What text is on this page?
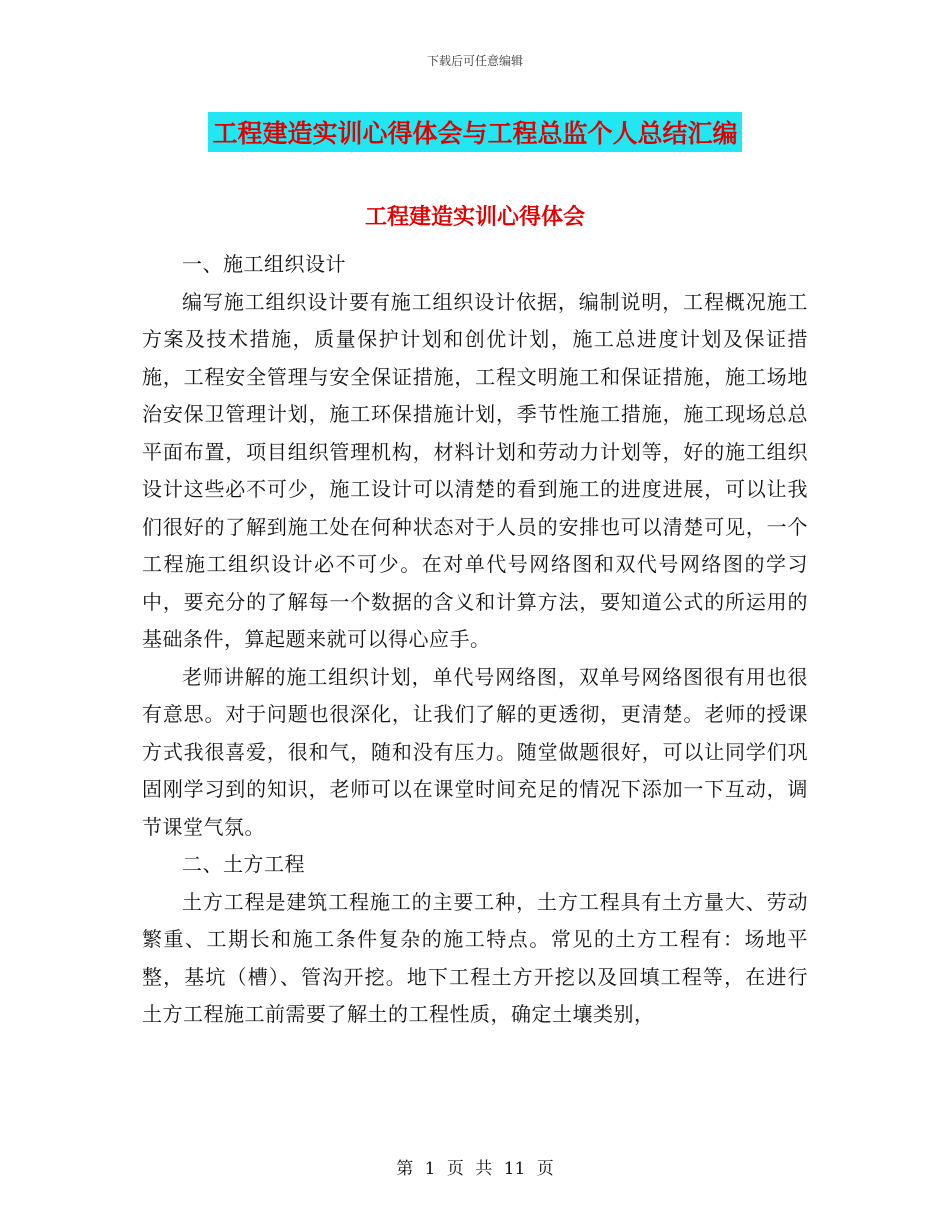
下载后可任意编辑
工程建造实训心得体会与工程总监个人总结汇编
工程建造实训心得体会

一、施工组织设计

编写施工组织设计要有施工组织设计依据，编制说明，工程概况施工方案及技术措施，质量保护计划和创优计划，施工总进度计划及保证措施，工程安全管理与安全保证措施，工程文明施工和保证措施，施工场地治安保卫管理计划，施工环保措施计划，季节性施工措施，施工现场总总平面布置，项目组织管理机构，材料计划和劳动力计划等，好的施工组织设计这些必不可少，施工设计可以清楚的看到施工的进度进展，可以让我们很好的了解到施工处在何种状态对于人员的安排也可以清楚可见，一个工程施工组织设计必不可少。在对单代号网络图和双代号网络图的学习中，要充分的了解每一个数据的含义和计算方法，要知道公式的所运用的基础条件，算起题来就可以得心应手。

老师讲解的施工组织计划，单代号网络图，双单号网络图很有用也很有意思。对于问题也很深化，让我们了解的更透彻，更清楚。老师的授课方式我很喜爱，很和气，随和没有压力。随堂做题很好，可以让同学们巩固刚学习到的知识，老师可以在课堂时间充足的情况下添加一下互动，调节课堂气氛。

二、土方工程

土方工程是建筑工程施工的主要工种，土方工程具有土方量大、劳动繁重、工期长和施工条件复杂的施工特点。常见的土方工程有：场地平整，基坑（槽）、管沟开挖。地下工程土方开挖以及回填工程等，在进行土方工程施工前需要了解土的工程性质，确定土壤类别，

第 1 页 共 11 页
